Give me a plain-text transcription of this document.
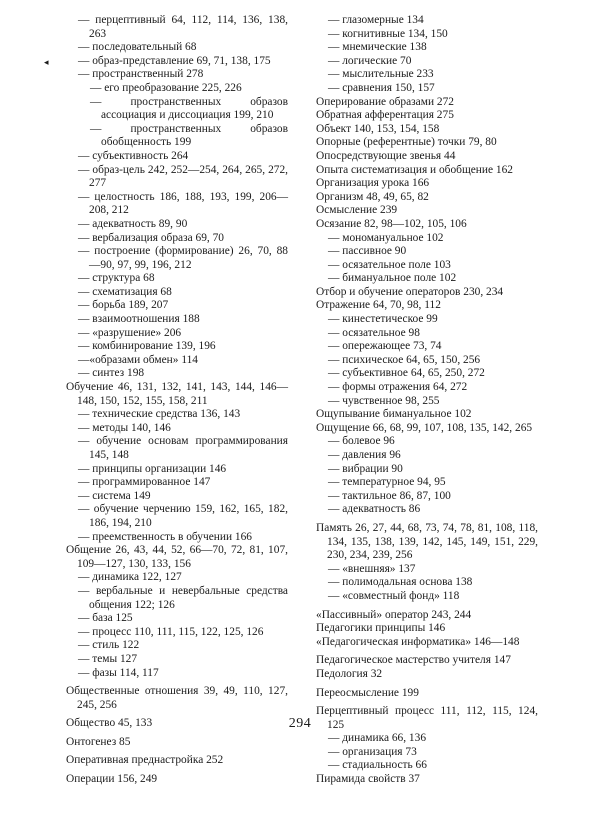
◂
— перцептивный 64, 112, 114, 136, 138, 263
— последовательный 68
— образ-представление 69, 71, 138, 175
— пространственный 278
— его преобразование 225, 226
— пространственных образов ассоциация и диссоциация 199, 210
— пространственных образов обобщенность 199
— субъективность 264
— образ-цель 242, 252—254, 264, 265, 272, 277
— целостность 186, 188, 193, 199, 206—208, 212
— адекватность 89, 90
— вербализация образа 69, 70
— построение (формирование) 26, 70, 88—90, 97, 99, 196, 212
— структура 68
— схематизация 68
— борьба 189, 207
— взаимоотношения 188
— «разрушение» 206
— комбинирование 139, 196
—«образами обмен» 114
— синтез 198
Обучение 46, 131, 132, 141, 143, 144, 146—148, 150, 152, 155, 158, 211
— технические средства 136, 143
— методы 140, 146
— обучение основам программирования 145, 148
— принципы организации 146
— программированное 147
— система 149
— обучение черчению 159, 162, 165, 182, 186, 194, 210
— преемственность в обучении 166
Общение 26, 43, 44, 52, 66—70, 72, 81, 107, 109—127, 130, 133, 156
— динамика 122, 127
— вербальные и невербальные средства общения 122; 126
— база 125
— процесс 110, 111, 115, 122, 125, 126
— стиль 122
— темы 127
— фазы 114, 117
Общественные отношения 39, 49, 110, 127, 245, 256
Общество 45, 133
Онтогенез 85
Оперативная преднастройка 252
Операции 156, 249
— глазомерные 134
— когнитивные 134, 150
— мнемические 138
— логические 70
— мыслительные 233
— сравнения 150, 157
Оперирование образами 272
Обратная афферентация 275
Объект 140, 153, 154, 158
Опорные (референтные) точки 79, 80
Опосредствующие звенья 44
Опыта систематизация и обобщение 162
Организация урока 166
Организм 48, 49, 65, 82
Осмысление 239
Осязание 82, 98—102, 105, 106
— мономануальное 102
— пассивное 90
— осязательное поле 103
— бимануальное поле 102
Отбор и обучение операторов 230, 234
Отражение 64, 70, 98, 112
— кинестетическое 99
— осязательное 98
— опережающее 73, 74
— психическое 64, 65, 150, 256
— субъективное 64, 65, 250, 272
— формы отражения 64, 272
— чувственное 98, 255
Ощупывание бимануальное 102
Ощущение 66, 68, 99, 107, 108, 135, 142, 265
— болевое 96
— давления 96
— вибрации 90
— температурное 94, 95
— тактильное 86, 87, 100
— адекватность 86
Память 26, 27, 44, 68, 73, 74, 78, 81, 108, 118, 134, 135, 138, 139, 142, 145, 149, 151, 229, 230, 234, 239, 256
— «внешняя» 137
— полимодальная основа 138
— «совместный фонд» 118
«Пассивный» оператор 243, 244
Педагогики принципы 146
«Педагогическая информатика» 146—148
Педагогическое мастерство учителя 147
Педология 32
Переосмысление 199
Перцептивный процесс 111, 112, 115, 124, 125
— динамика 66, 136
— организация 73
— стадиальность 66
Пирамида свойств 37
294
